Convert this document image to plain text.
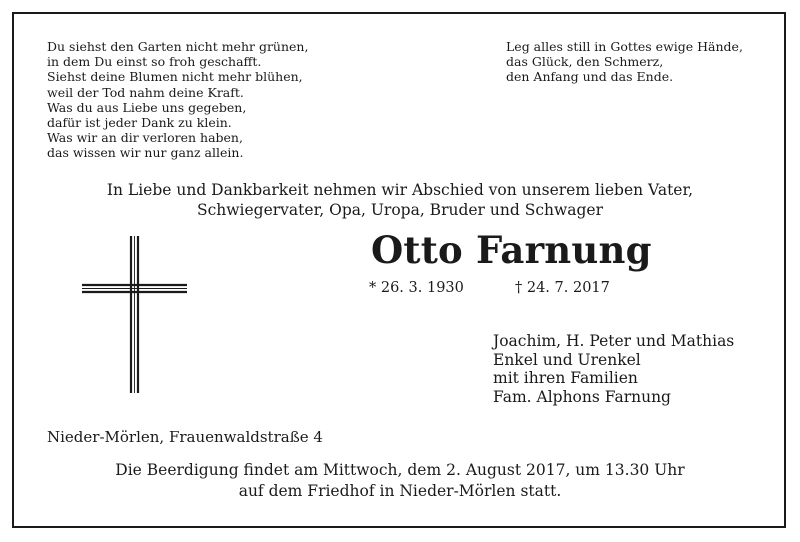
Du siehst den Garten nicht mehr grünen,
in dem Du einst so froh geschafft.
Siehst deine Blumen nicht mehr blühen,
weil der Tod nahm deine Kraft.
Was du aus Liebe uns gegeben,
dafür ist jeder Dank zu klein.
Was wir an dir verloren haben,
das wissen wir nur ganz allein.
Leg alles still in Gottes ewige Hände,
das Glück, den Schmerz,
den Anfang und das Ende.
In Liebe und Dankbarkeit nehmen wir Abschied von unserem lieben Vater,
Schwiegervater, Opa, Uropa, Bruder und Schwager
Otto Farnung
* 26. 3. 1930	† 24. 7. 2017
Joachim, H. Peter und Mathias
Enkel und Urenkel
mit ihren Familien
Fam. Alphons Farnung
Nieder-Mörlen, Frauenwaldstraße 4
Die Beerdigung findet am Mittwoch, dem 2. August 2017, um 13.30 Uhr
auf dem Friedhof in Nieder-Mörlen statt.
